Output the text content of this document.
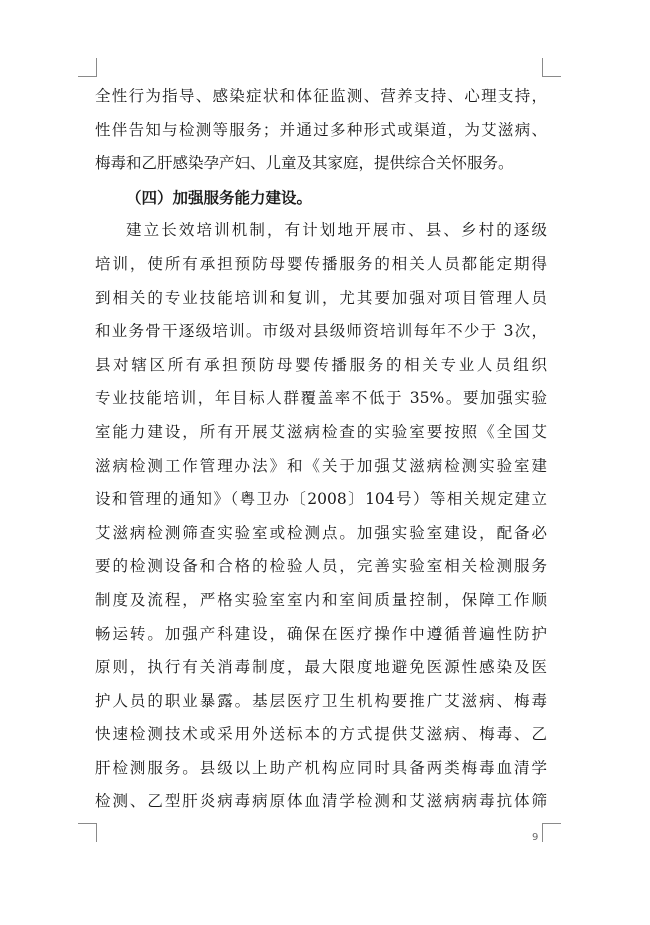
全性行为指导、感染症状和体征监测、营养支持、心理支持，
性伴告知与检测等服务；并通过多种形式或渠道，为艾滋病、
梅毒和乙肝感染孕产妇、儿童及其家庭，提供综合关怀服务。
（四）加强服务能力建设。
建立长效培训机制，有计划地开展市、县、乡村的逐级
培训，使所有承担预防母婴传播服务的相关人员都能定期得
到相关的专业技能培训和复训，尤其要加强对项目管理人员
和业务骨干逐级培训。市级对县级师资培训每年不少于 3次，
县对辖区所有承担预防母婴传播服务的相关专业人员组织
专业技能培训，年目标人群覆盖率不低于 35%。要加强实验
室能力建设，所有开展艾滋病检查的实验室要按照《全国艾
滋病检测工作管理办法》和《关于加强艾滋病检测实验室建
设和管理的通知》（粤卫办〔2008〕104号）等相关规定建立
艾滋病检测筛查实验室或检测点。加强实验室建设，配备必
要的检测设备和合格的检验人员，完善实验室相关检测服务
制度及流程，严格实验室室内和室间质量控制，保障工作顺
畅运转。加强产科建设，确保在医疗操作中遵循普遍性防护
原则，执行有关消毒制度，最大限度地避免医源性感染及医
护人员的职业暴露。基层医疗卫生机构要推广艾滋病、梅毒
快速检测技术或采用外送标本的方式提供艾滋病、梅毒、乙
肝检测服务。县级以上助产机构应同时具备两类梅毒血清学
检测、乙型肝炎病毒病原体血清学检测和艾滋病病毒抗体筛
9
